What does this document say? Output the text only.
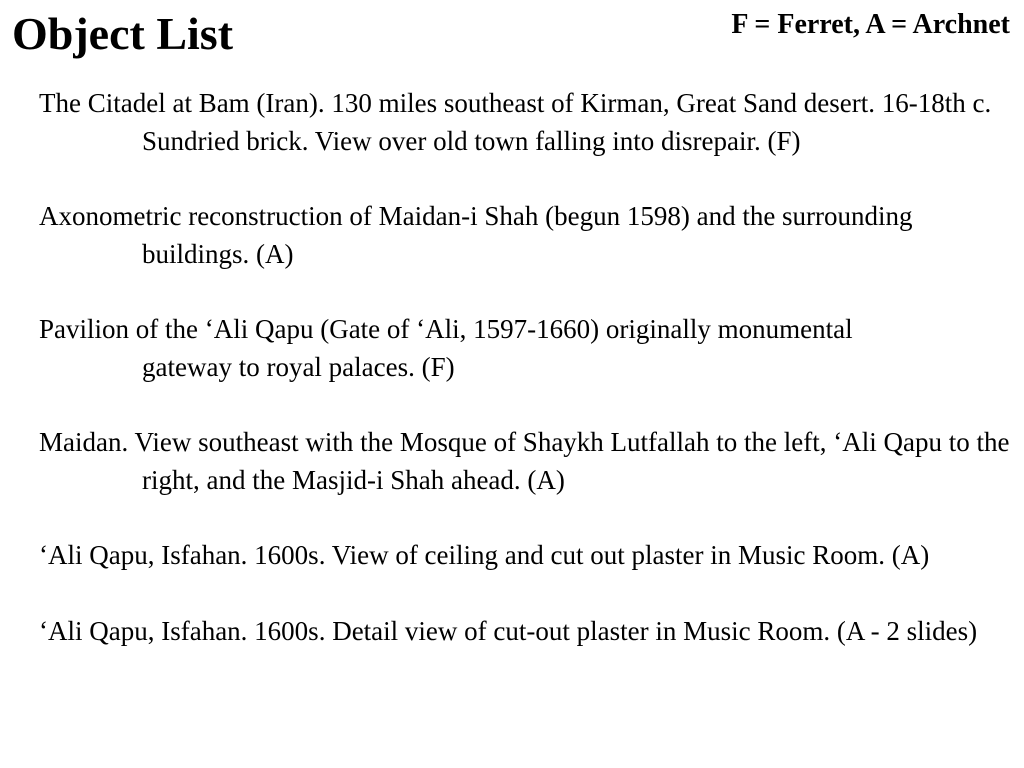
Object List	F = Ferret, A = Archnet
The Citadel at Bam (Iran). 130 miles southeast of Kirman, Great Sand desert. 16-18th c. Sundried brick. View over old town falling into disrepair. (F)
Axonometric reconstruction of Maidan-i Shah (begun 1598) and the surrounding buildings. (A)
Pavilion of the ‘Ali Qapu (Gate of ‘Ali, 1597-1660) originally monumental gateway to royal palaces. (F)
Maidan. View southeast with the Mosque of Shaykh Lutfallah to the left, ‘Ali Qapu to the right, and the Masjid-i Shah ahead. (A)
‘Ali Qapu, Isfahan. 1600s. View of ceiling and cut out plaster in Music Room. (A)
‘Ali Qapu, Isfahan. 1600s. Detail view of cut-out plaster in Music Room. (A - 2 slides)
